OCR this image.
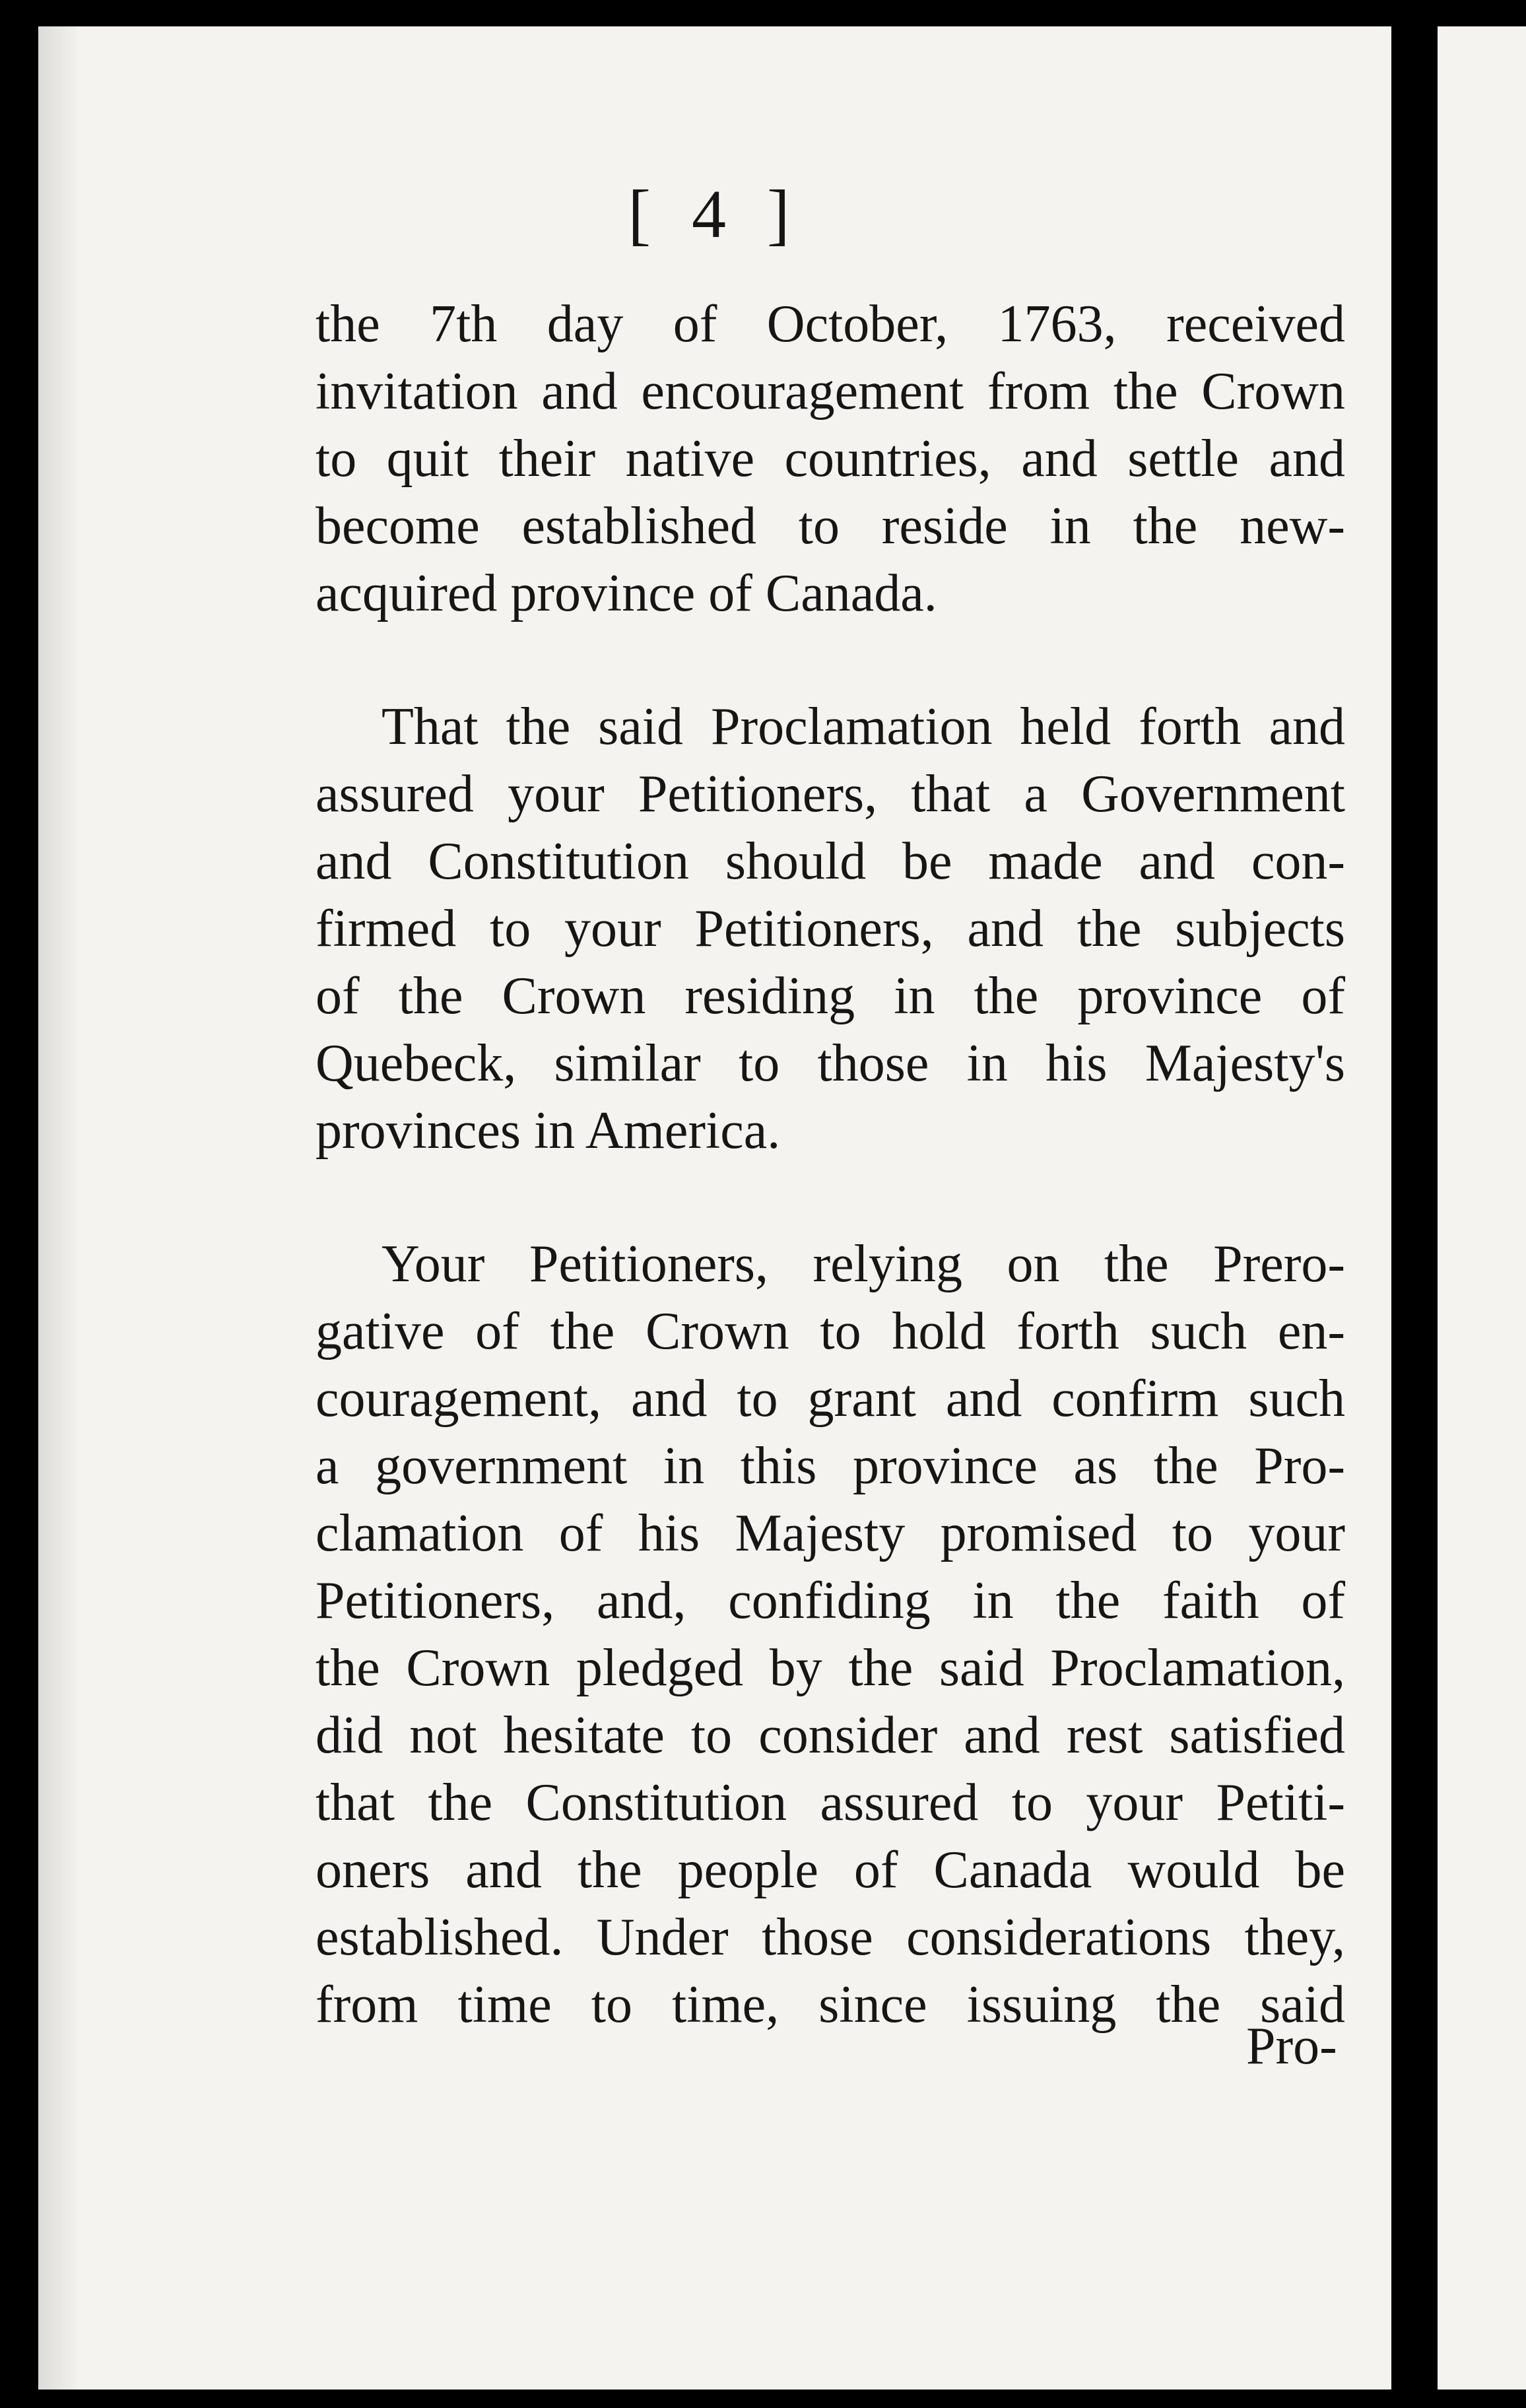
[ 4 ]
the 7th day of October, 1763, received
invitation and encouragement from the Crown
to quit their native countries, and settle and
become established to reside in the new-
acquired province of Canada.
That the said Proclamation held forth and
assured your Petitioners, that a Government
and Constitution should be made and con-
firmed to your Petitioners, and the subjects
of the Crown residing in the province of
Quebeck, similar to those in his Majesty's
provinces in America.
Your Petitioners, relying on the Prero-
gative of the Crown to hold forth such en-
couragement, and to grant and confirm such
a government in this province as the Pro-
clamation of his Majesty promised to your
Petitioners, and, confiding in the faith of
the Crown pledged by the said Proclamation,
did not hesitate to consider and rest satisfied
that the Constitution assured to your Petiti-
oners and the people of Canada would be
established. Under those considerations they,
from time to time, since issuing the said
Pro-
